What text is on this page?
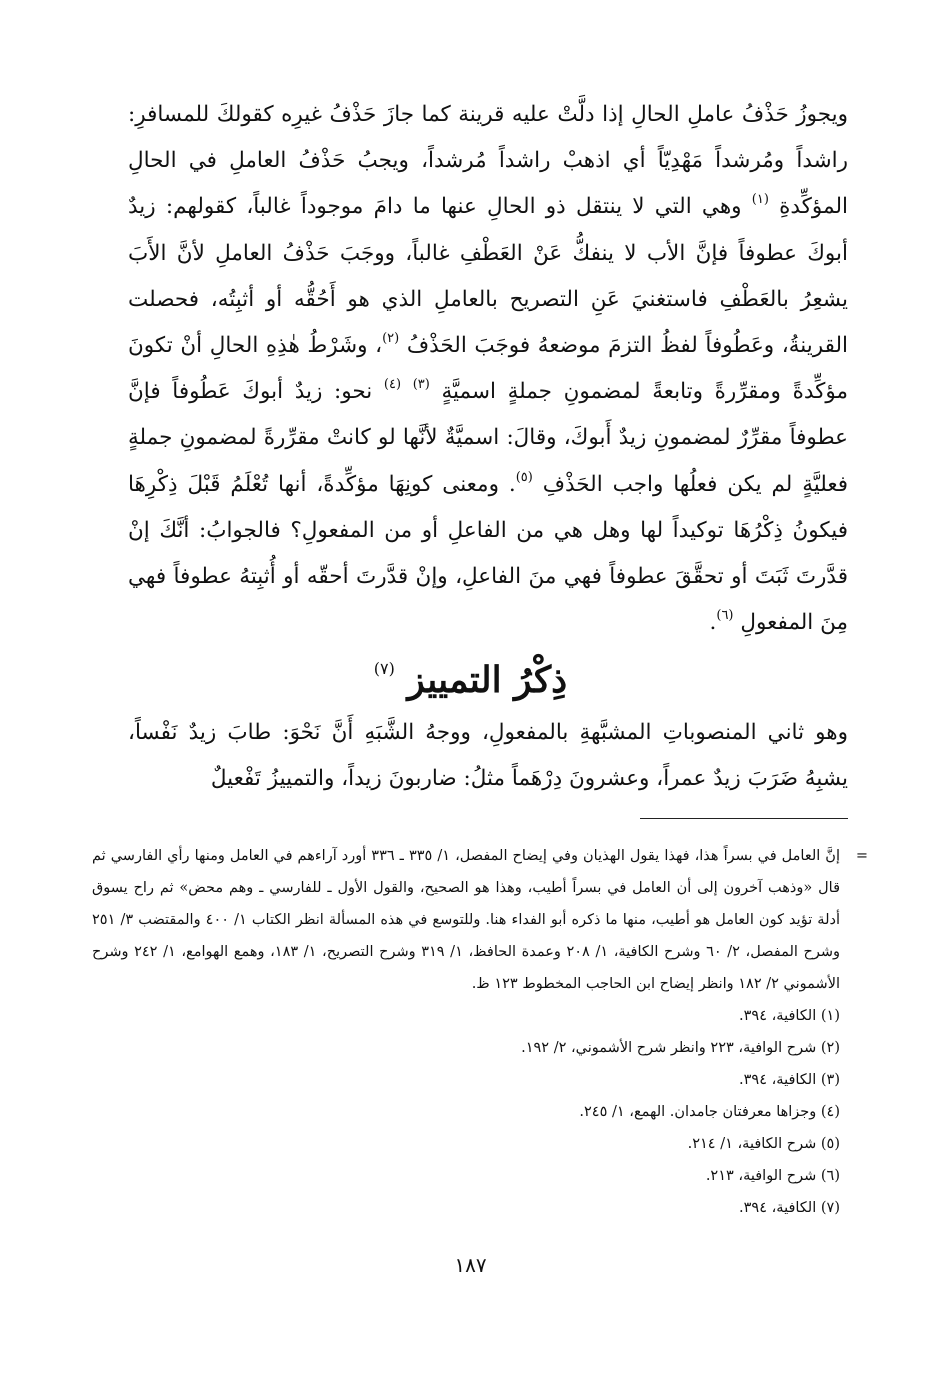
ويجوزُ حَذْفُ عاملِ الحالِ إذا دلَّتْ عليه قرينة كما جازَ حَذْفُ غيرِه كقولكَ للمسافرِ: راشداً ومُرشداً مَهْدِيّاً أي اذهبْ راشداً مُرشداً، ويجبُ حَذْفُ العاملِ في الحالِ المؤكِّدةِ $^{(١)}$ وهي التي لا ينتقل ذو الحالِ عنها ما دامَ موجوداً غالباً، كقولهم: زيدٌ أبوكَ عطوفاً فإنَّ الأب لا ينفكُّ عَنْ العَطْفِ غالباً، ووجَبَ حَذْفُ العاملِ لأنَّ الأَبَ يشعِرُ بالعَطْفِ فاستغنيَ عَنِ التصريح بالعاملِ الذي هو أَحُقُّه أو أثبِتُه، فحصلت القرينةُ، وعَطُوفاً لفظُ التزمَ موضعهُ فوجَبَ الحَذْفُ $^{(٢)}$، وشَرْطُ هٰذِهِ الحالِ أنْ تكونَ مؤكِّدةً ومقرِّرةً وتابعةً لمضمونِ جملةٍ اسميَّةٍ $^{(٣)}$ $^{(٤)}$ نحو: زيدٌ أبوكَ عَطُوفاً فإنَّ عطوفاً مقرِّرٌ لمضمونِ زيدٌ أَبوكَ، وقالَ: اسميَّةٌ لأنَّها لو كانتْ مقرِّرةً لمضمونِ جملةٍ فعليَّةٍ لم يكن فعلُها واجب الحَذْفِ $^{(٥)}$. ومعنى كونِهَا مؤكِّدةً، أنها تُعْلَمُ قَبْلَ ذِكْرِهَا فيكونُ ذِكْرُهَا توكيداً لها وهل هي من الفاعلِ أو من المفعولِ؟ فالجوابُ: أنَّكَ إنْ قدَّرتَ ثَبَتَ أو تحقَّقَ عطوفاً فهي منَ الفاعلِ، وإنْ قدَّرتَ أحقّه أو أُثبِتهُ عطوفاً فهي مِنَ المفعولِ $^{(٦)}$.

ذِكْرُ التمييز $^{(٧)}$

وهو ثاني المنصوباتِ المشبَّهةِ بالمفعولِ، ووجهُ الشَّبَهِ أَنَّ نَحْوَ: طابَ زيدٌ نَفْساً، يشبِهُ ضَرَبَ زيدٌ عمراً، وعشرونَ دِرْهَماً مثلُ: ضاربونَ زيداً، والتمييزُ تَفْعيلٌ

=
إنَّ العامل في بسراً هذا، فهذا يقول الهذيان وفي إيضاح المفصل، ١/ ٣٣٥ ـ ٣٣٦ أورد آراءهم في العامل ومنها رأي الفارسي ثم قال «وذهب آخرون إلى أن العامل في بسراً أطيب، وهذا هو الصحيح، والقول الأول ـ للفارسي ـ وهم محض» ثم راح يسوق أدلة تؤيد كون العامل هو أطيب، منها ما ذكره أبو الفداء هنا. وللتوسع في هذه المسألة انظر الكتاب ١/ ٤٠٠ والمقتضب ٣/ ٢٥١ وشرح المفصل، ٢/ ٦٠ وشرح الكافية، ١/ ٢٠٨ وعمدة الحافظ، ١/ ٣١٩ وشرح التصريح، ١/ ١٨٣، وهمع الهوامع، ١/ ٢٤٢ وشرح الأشموني ٢/ ١٨٢ وانظر إيضاح ابن الحاجب المخطوط ١٢٣ ظ.

(١) الكافية، ٣٩٤.
(٢) شرح الوافية، ٢٢٣ وانظر شرح الأشموني، ٢/ ١٩٢.
(٣) الكافية، ٣٩٤.
(٤) وجزاها معرفتان جامدان. الهمع، ١/ ٢٤٥.
(٥) شرح الكافية، ١/ ٢١٤.
(٦) شرح الوافية، ٢١٣.
(٧) الكافية، ٣٩٤.
١٨٧
